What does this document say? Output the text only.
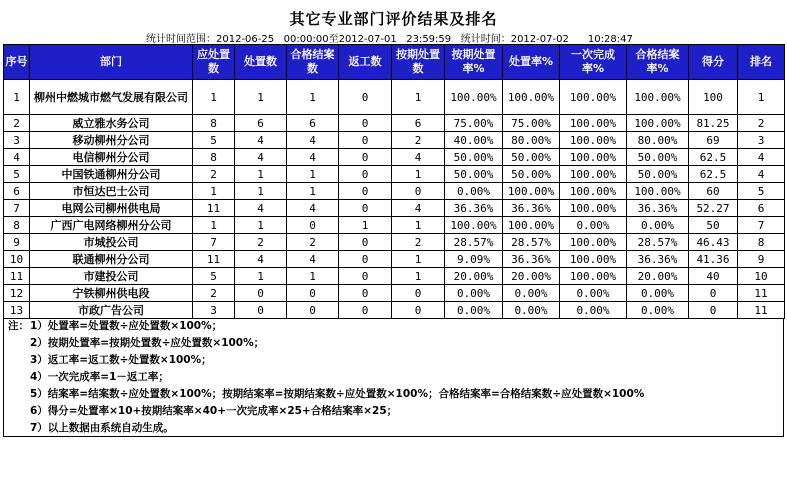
其它专业部门评价结果及排名
统计时间范围：2012-06-25   00:00:00至2012-07-01   23:59:59 统计时间：2012-07-02      10:28:47
序号	部门	应处置数	处置数	合格结案数	返工数	按期处置数	按期处置率%	处置率%	一次完成率%	合格结案率%	得分	排名
1	柳州中燃城市燃气发展有限公司	1	1	1	0	1	100.00%	100.00%	100.00%	100.00%	100	1
2	威立雅水务公司	8	6	6	0	6	75.00%	75.00%	100.00%	100.00%	81.25	2
3	移动柳州分公司	5	4	4	0	2	40.00%	80.00%	100.00%	80.00%	69	3
4	电信柳州分公司	8	4	4	0	4	50.00%	50.00%	100.00%	50.00%	62.5	4
5	中国铁通柳州分公司	2	1	1	0	1	50.00%	50.00%	100.00%	50.00%	62.5	4
6	市恒达巴士公司	1	1	1	0	0	0.00%	100.00%	100.00%	100.00%	60	5
7	电网公司柳州供电局	11	4	4	0	4	36.36%	36.36%	100.00%	36.36%	52.27	6
8	广西广电网络柳州分公司	1	1	0	1	1	100.00%	100.00%	0.00%	0.00%	50	7
9	市城投公司	7	2	2	0	2	28.57%	28.57%	100.00%	28.57%	46.43	8
10	联通柳州分公司	11	4	4	0	1	9.09%	36.36%	100.00%	36.36%	41.36	9
11	市建投公司	5	1	1	0	1	20.00%	20.00%	100.00%	20.00%	40	10
12	宁铁柳州供电段	2	0	0	0	0	0.00%	0.00%	0.00%	0.00%	0	11
13	市政广告公司	3	0	0	0	0	0.00%	0.00%	0.00%	0.00%	0	11
注：1）处置率=处置数÷应处置数×100%；
2）按期处置率=按期处置数÷应处置数×100%；
3）返工率=返工数÷处置数×100%；
4）一次完成率=1－返工率；
5）结案率=结案数÷应处置数×100%；按期结案率=按期结案数÷应处置数×100%；合格结案率=合格结案数÷应处置数×100%
6）得分=处置率×10+按期结案率×40+一次完成率×25+合格结案率×25；
7）以上数据由系统自动生成。
